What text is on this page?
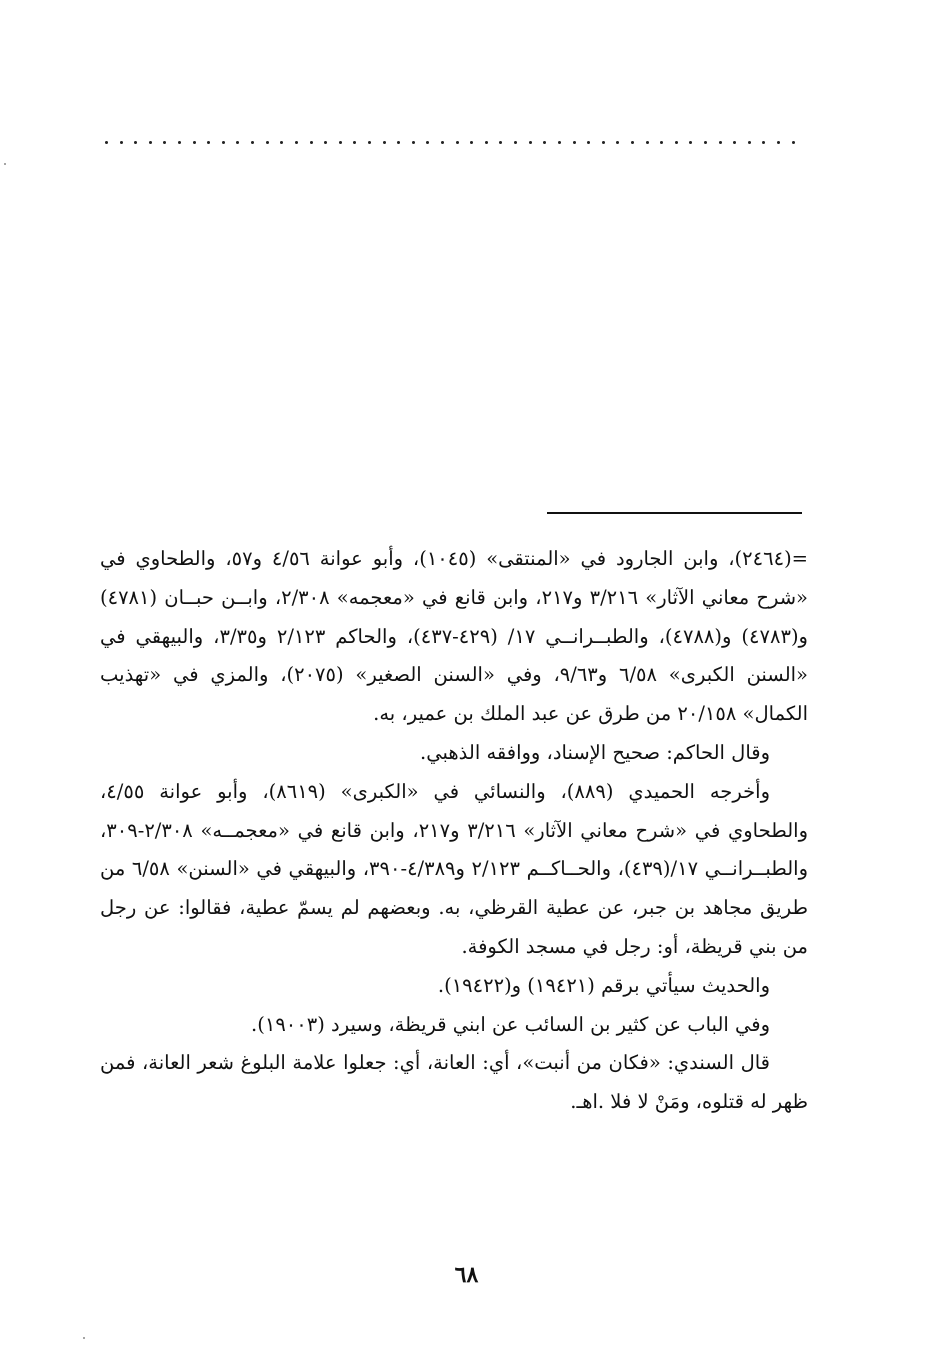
=(٢٤٦٤)، وابن الجارود في «المنتقى» (١٠٤٥)، وأبو عوانة ٤/٥٦ و٥٧، والطحاوي في «شرح معاني الآثار» ٣/٢١٦ و٢١٧، وابن قانع في «معجمه» ٢/٣٠٨، وابــن حبــان (٤٧٨١) و(٤٧٨٣) و(٤٧٨٨)، والطبــرانــي ١٧/ (٤٢٩-٤٣٧)، والحاكم ٢/١٢٣ و٣/٣٥، والبيهقي في «السنن الكبرى» ٦/٥٨ و٩/٦٣، وفي «السنن الصغير» (٢٠٧٥)، والمزي في «تهذيب الكمال» ٢٠/١٥٨ من طرق عن عبد الملك بن عمير، به.

وقال الحاكم: صحيح الإسناد، ووافقه الذهبي.

وأخرجه الحميدي (٨٨٩)، والنسائي في «الكبرى» (٨٦١٩)، وأبو عوانة ٤/٥٥، والطحاوي في «شرح معاني الآثار» ٣/٢١٦ و٢١٧، وابن قانع في «معجمــه» ٢/٣٠٨-٣٠٩، والطبــرانــي ١٧/(٤٣٩)، والحــاكــم ٢/١٢٣ و٤/٣٨٩-٣٩٠، والبيهقي في «السنن» ٦/٥٨ من طريق مجاهد بن جبر، عن عطية القرظي، به. وبعضهم لم يسمّ عطية، فقالوا: عن رجل من بني قريظة، أو: رجل في مسجد الكوفة.

والحديث سيأتي برقم (١٩٤٢١) و(١٩٤٢٢).

وفي الباب عن كثير بن السائب عن ابني قريظة، وسيرد (١٩٠٠٣).

قال السندي: «فكان من أنبت»، أي: العانة، أي: جعلوا علامة البلوغ شعر العانة، فمن ظهر له قتلوه، ومَنْ لا فلا .اهـ.

٦٨
